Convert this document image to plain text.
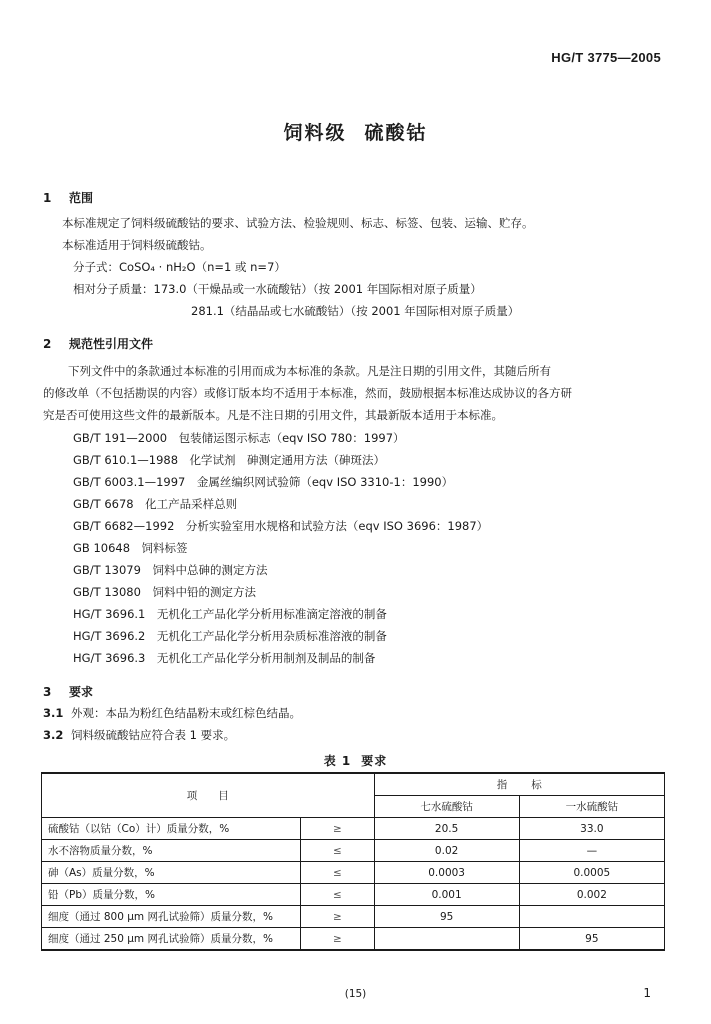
HG/T 3775—2005
饲料级 硫酸钴
1 范围
本标准规定了饲料级硫酸钴的要求、试验方法、检验规则、标志、标签、包装、运输、贮存。
本标准适用于饲料级硫酸钴。
分子式：CoSO₄ · nH₂O（n=1 或 n=7）
相对分子质量：173.0（干燥品或一水硫酸钴）（按 2001 年国际相对原子质量）
281.1（结晶品或七水硫酸钴）（按 2001 年国际相对原子质量）
2 规范性引用文件
下列文件中的条款通过本标准的引用而成为本标准的条款。凡是注日期的引用文件，其随后所有
的修改单（不包括勘误的内容）或修订版本均不适用于本标准，然而，鼓励根据本标准达成协议的各方研
究是否可使用这些文件的最新版本。凡是不注日期的引用文件，其最新版本适用于本标准。
GB/T 191—2000　包装储运图示标志（eqv ISO 780：1997）
GB/T 610.1—1988　化学试剂　砷测定通用方法（砷斑法）
GB/T 6003.1—1997　金属丝编织网试验筛（eqv ISO 3310-1：1990）
GB/T 6678　化工产品采样总则
GB/T 6682—1992　分析实验室用水规格和试验方法（eqv ISO 3696：1987）
GB 10648　饲料标签
GB/T 13079　饲料中总砷的测定方法
GB/T 13080　饲料中铅的测定方法
HG/T 3696.1　无机化工产品化学分析用标准滴定溶液的制备
HG/T 3696.2　无机化工产品化学分析用杂质标准溶液的制备
HG/T 3696.3　无机化工产品化学分析用制剂及制品的制备
3 要求
3.1 外观：本品为粉红色结晶粉末或红棕色结晶。
3.2 饲料级硫酸钴应符合表 1 要求。
表 1 要求
项　　目		指标	
		七水硫酸钴	一水硫酸钴
硫酸钴（以钴（Co）计）质量分数，%	≥	20.5	33.0
水不溶物质量分数，%	≤	0.02	—
砷（As）质量分数，%	≤	0.0003	0.0005
铅（Pb）质量分数，%	≤	0.001	0.002
细度（通过 800 μm 网孔试验筛）质量分数，%	≥	95	
细度（通过 250 μm 网孔试验筛）质量分数，%	≥		95
(15)	1
